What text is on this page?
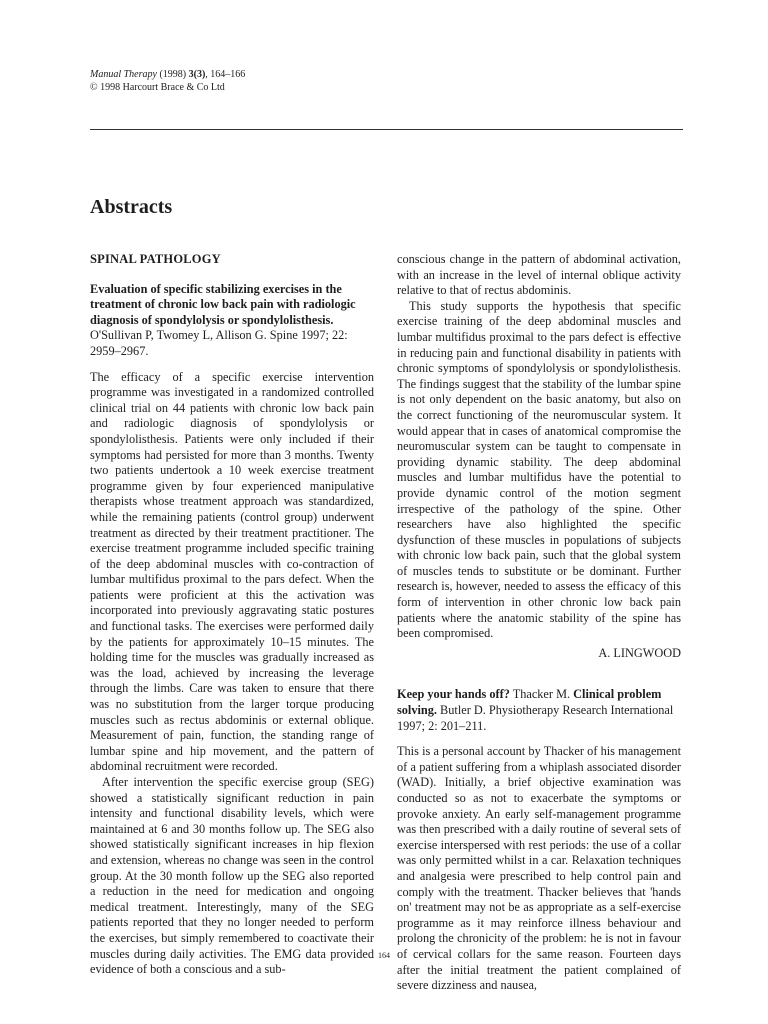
Manual Therapy (1998) 3(3), 164–166
© 1998 Harcourt Brace & Co Ltd
Abstracts
SPINAL PATHOLOGY

Evaluation of specific stabilizing exercises in the treatment of chronic low back pain with radiologic diagnosis of spondylolysis or spondylolisthesis. O'Sullivan P, Twomey L, Allison G. Spine 1997; 22: 2959–2967.

The efficacy of a specific exercise intervention programme was investigated in a randomized controlled clinical trial on 44 patients with chronic low back pain and radiologic diagnosis of spondylolysis or spondylolisthesis. Patients were only included if their symptoms had persisted for more than 3 months. Twenty two patients undertook a 10 week exercise treatment programme given by four experienced manipulative therapists whose treatment approach was standardized, while the remaining patients (control group) underwent treatment as directed by their treatment practitioner. The exercise treatment programme included specific training of the deep abdominal muscles with co-contraction of lumbar multifidus proximal to the pars defect. When the patients were proficient at this the activation was incorporated into previously aggravating static postures and functional tasks. The exercises were performed daily by the patients for approximately 10–15 minutes. The holding time for the muscles was gradually increased as was the load, achieved by increasing the leverage through the limbs. Care was taken to ensure that there was no substitution from the larger torque producing muscles such as rectus abdominis or external oblique. Measurement of pain, function, the standing range of lumbar spine and hip movement, and the pattern of abdominal recruitment were recorded.

After intervention the specific exercise group (SEG) showed a statistically significant reduction in pain intensity and functional disability levels, which were maintained at 6 and 30 months follow up. The SEG also showed statistically significant increases in hip flexion and extension, whereas no change was seen in the control group. At the 30 month follow up the SEG also reported a reduction in the need for medication and ongoing medical treatment. Interestingly, many of the SEG patients reported that they no longer needed to perform the exercises, but simply remembered to coactivate their muscles during daily activities. The EMG data provided evidence of both a conscious and a sub-

conscious change in the pattern of abdominal activation, with an increase in the level of internal oblique activity relative to that of rectus abdominis.

This study supports the hypothesis that specific exercise training of the deep abdominal muscles and lumbar multifidus proximal to the pars defect is effective in reducing pain and functional disability in patients with chronic symptoms of spondylolysis or spondylolisthesis. The findings suggest that the stability of the lumbar spine is not only dependent on the basic anatomy, but also on the correct functioning of the neuromuscular system. It would appear that in cases of anatomical compromise the neuromuscular system can be taught to compensate in providing dynamic stability. The deep abdominal muscles and lumbar multifidus have the potential to provide dynamic control of the motion segment irrespective of the pathology of the spine. Other researchers have also highlighted the specific dysfunction of these muscles in populations of subjects with chronic low back pain, such that the global system of muscles tends to substitute or be dominant. Further research is, however, needed to assess the efficacy of this form of intervention in other chronic low back pain patients where the anatomic stability of the spine has been compromised.

A. LINGWOOD

Keep your hands off? Thacker M. Clinical problem solving. Butler D. Physiotherapy Research International 1997; 2: 201–211.

This is a personal account by Thacker of his management of a patient suffering from a whiplash associated disorder (WAD). Initially, a brief objective examination was conducted so as not to exacerbate the symptoms or provoke anxiety. An early self-management programme was then prescribed with a daily routine of several sets of exercise interspersed with rest periods: the use of a collar was only permitted whilst in a car. Relaxation techniques and analgesia were prescribed to help control pain and comply with the treatment. Thacker believes that 'hands on' treatment may not be as appropriate as a self-exercise programme as it may reinforce illness behaviour and prolong the chronicity of the problem: he is not in favour of cervical collars for the same reason. Fourteen days after the initial treatment the patient complained of severe dizziness and nausea,

164
